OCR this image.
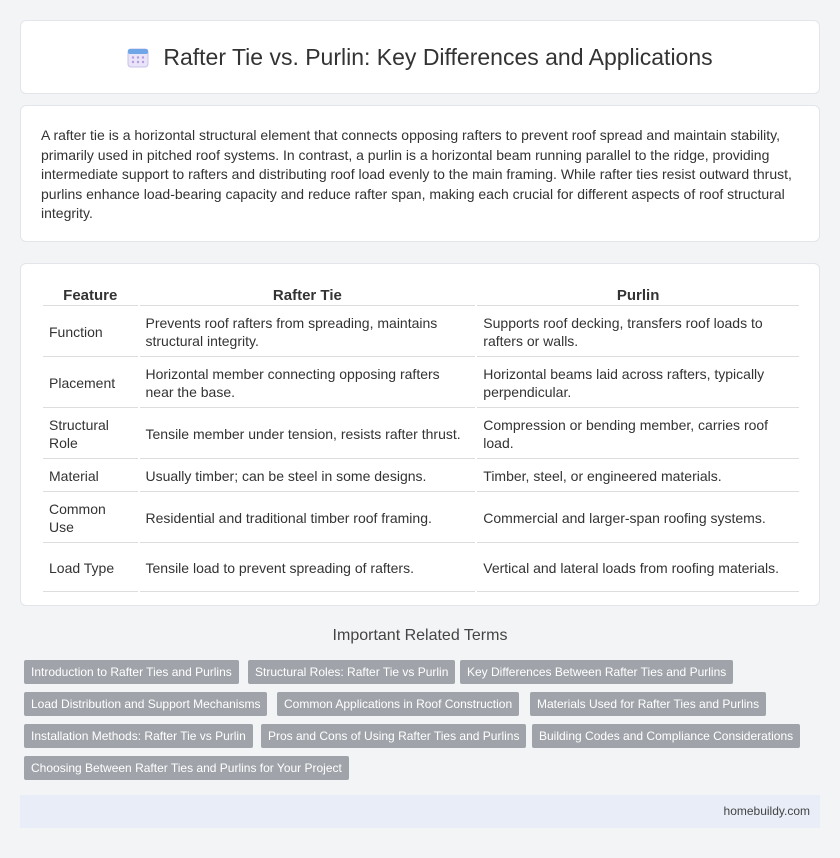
Rafter Tie vs. Purlin: Key Differences and Applications

A rafter tie is a horizontal structural element that connects opposing rafters to prevent roof spread and maintain stability, primarily used in pitched roof systems. In contrast, a purlin is a horizontal beam running parallel to the ridge, providing intermediate support to rafters and distributing roof load evenly to the main framing. While rafter ties resist outward thrust, purlins enhance load-bearing capacity and reduce rafter span, making each crucial for different aspects of roof structural integrity.

Feature	Rafter Tie	Purlin
Function	Prevents roof rafters from spreading, maintains structural integrity.	Supports roof decking, transfers roof loads to rafters or walls.
Placement	Horizontal member connecting opposing rafters near the base.	Horizontal beams laid across rafters, typically perpendicular.
Structural Role	Tensile member under tension, resists rafter thrust.	Compression or bending member, carries roof load.
Material	Usually timber; can be steel in some designs.	Timber, steel, or engineered materials.
Common Use	Residential and traditional timber roof framing.	Commercial and larger-span roofing systems.
Load Type	Tensile load to prevent spreading of rafters.	Vertical and lateral loads from roofing materials.
Important Related Terms
Introduction to Rafter Ties and Purlins	Structural Roles: Rafter Tie vs Purlin	Key Differences Between Rafter Ties and Purlins
Load Distribution and Support Mechanisms	Common Applications in Roof Construction	Materials Used for Rafter Ties and Purlins
Installation Methods: Rafter Tie vs Purlin	Pros and Cons of Using Rafter Ties and Purlins	Building Codes and Compliance Considerations
Choosing Between Rafter Ties and Purlins for Your Project
homebuildy.com
